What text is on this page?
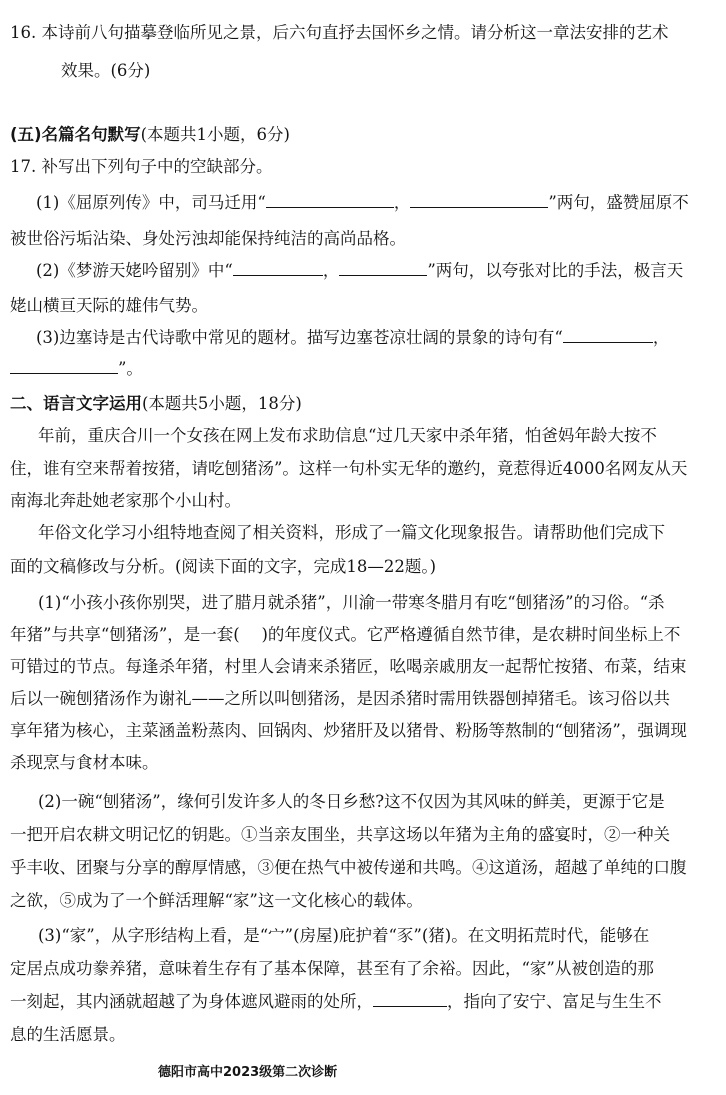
16. 本诗前八句描摹登临所见之景，后六句直抒去国怀乡之情。请分析这一章法安排的艺术
效果。(6分)
(五)名篇名句默写(本题共1小题，6分)
17. 补写出下列句子中的空缺部分。
(1)《屈原列传》中，司马迁用“	，	”两句，盛赞屈原不
被世俗污垢沾染、身处污浊却能保持纯洁的高尚品格。
(2)《梦游天姥吟留别》中“	，	”两句，以夸张对比的手法，极言天
姥山横亘天际的雄伟气势。
(3)边塞诗是古代诗歌中常见的题材。描写边塞苍凉壮阔的景象的诗句有“	，
”。
二、语言文字运用(本题共5小题，18分)
年前，重庆合川一个女孩在网上发布求助信息“过几天家中杀年猪，怕爸妈年龄大按不
住，谁有空来帮着按猪，请吃刨猪汤”。这样一句朴实无华的邀约，竟惹得近4000名网友从天
南海北奔赴她老家那个小山村。
年俗文化学习小组特地查阅了相关资料，形成了一篇文化现象报告。请帮助他们完成下
面的文稿修改与分析。(阅读下面的文字，完成18—22题。)
(1)“小孩小孩你别哭，进了腊月就杀猪”，川渝一带寒冬腊月有吃“刨猪汤”的习俗。“杀
年猪”与共享“刨猪汤”，是一套(　 )的年度仪式。它严格遵循自然节律，是农耕时间坐标上不
可错过的节点。每逢杀年猪，村里人会请来杀猪匠，吆喝亲戚朋友一起帮忙按猪、布菜，结束
后以一碗刨猪汤作为谢礼——之所以叫刨猪汤，是因杀猪时需用铁器刨掉猪毛。该习俗以共
享年猪为核心，主菜涵盖粉蒸肉、回锅肉、炒猪肝及以猪骨、粉肠等熬制的“刨猪汤”，强调现
杀现烹与食材本味。
(2)一碗“刨猪汤”，缘何引发许多人的冬日乡愁?这不仅因为其风味的鲜美，更源于它是
一把开启农耕文明记忆的钥匙。①当亲友围坐，共享这场以年猪为主角的盛宴时，②一种关
乎丰收、团聚与分享的醇厚情感，③便在热气中被传递和共鸣。④这道汤，超越了单纯的口腹
之欲，⑤成为了一个鲜活理解“家”这一文化核心的载体。
(3)“家”，从字形结构上看，是“宀”(房屋)庇护着“豕”(猪)。在文明拓荒时代，能够在
定居点成功豢养猪，意味着生存有了基本保障，甚至有了余裕。因此，“家”从被创造的那
一刻起，其内涵就超越了为身体遮风避雨的处所，	，指向了安宁、富足与生生不
息的生活愿景。
德阳市高中2023级第二次诊断
